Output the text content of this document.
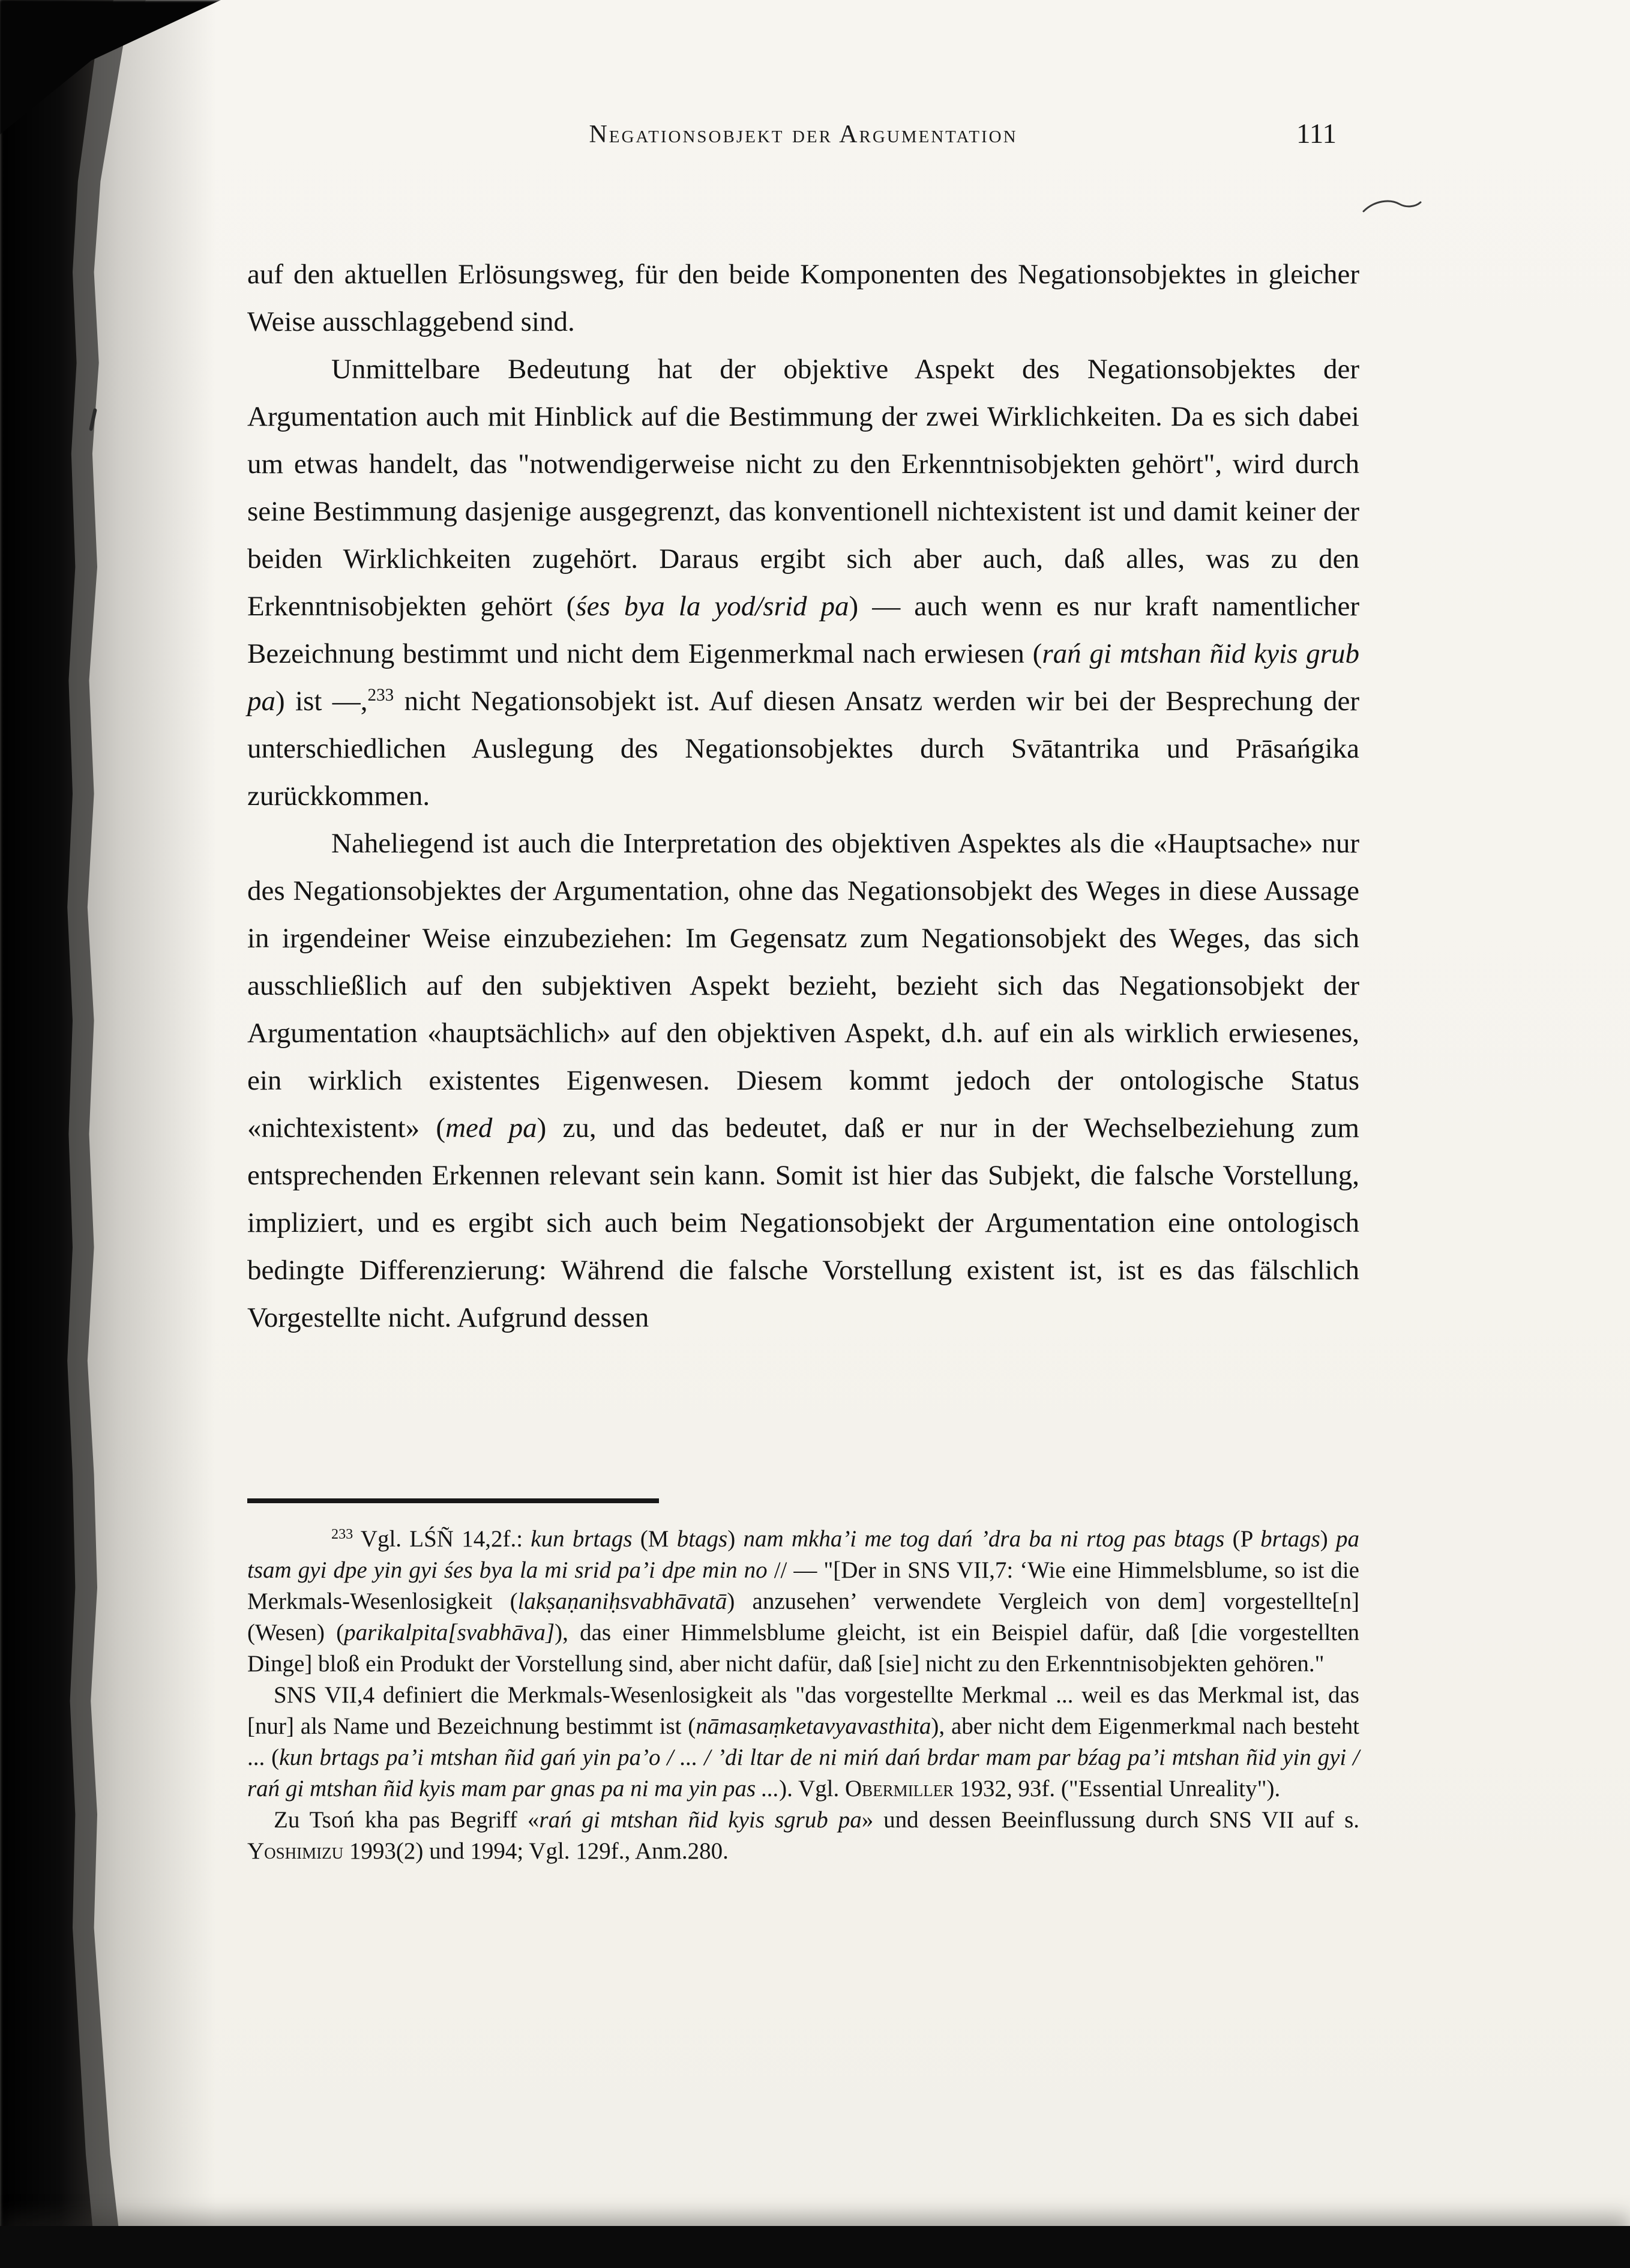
Negationsobjekt der Argumentation	111

auf den aktuellen Erlösungsweg, für den beide Komponenten des Negationsobjektes in gleicher Weise ausschlaggebend sind.

Unmittelbare Bedeutung hat der objektive Aspekt des Negationsobjektes der Argumentation auch mit Hinblick auf die Bestimmung der zwei Wirklichkeiten. Da es sich dabei um etwas handelt, das "notwendigerweise nicht zu den Erkenntnisobjekten gehört", wird durch seine Bestimmung dasjenige ausgegrenzt, das konventionell nichtexistent ist und damit keiner der beiden Wirklichkeiten zugehört. Daraus ergibt sich aber auch, daß alles, was zu den Erkenntnisobjekten gehört (śes bya la yod/srid pa) — auch wenn es nur kraft namentlicher Bezeichnung bestimmt und nicht dem Eigenmerkmal nach erwiesen (rań gi mtshan ñid kyis grub pa) ist —,$^{233}$ nicht Negationsobjekt ist. Auf diesen Ansatz werden wir bei der Besprechung der unterschiedlichen Auslegung des Negationsobjektes durch Svātantrika und Prāsańgika zurückkommen.

Naheliegend ist auch die Interpretation des objektiven Aspektes als die «Hauptsache» nur des Negationsobjektes der Argumentation, ohne das Negationsobjekt des Weges in diese Aussage in irgendeiner Weise einzubeziehen: Im Gegensatz zum Negationsobjekt des Weges, das sich ausschließlich auf den subjektiven Aspekt bezieht, bezieht sich das Negationsobjekt der Argumentation «hauptsächlich» auf den objektiven Aspekt, d.h. auf ein als wirklich erwiesenes, ein wirklich existentes Eigenwesen. Diesem kommt jedoch der ontologische Status «nichtexistent» (med pa) zu, und das bedeutet, daß er nur in der Wechselbeziehung zum entsprechenden Erkennen relevant sein kann. Somit ist hier das Subjekt, die falsche Vorstellung, impliziert, und es ergibt sich auch beim Negationsobjekt der Argumentation eine ontologisch bedingte Differenzierung: Während die falsche Vorstellung existent ist, ist es das fälschlich Vorgestellte nicht. Aufgrund dessen

$^{233}$ Vgl. LŚÑ 14,2f.: kun brtags (M btags) nam mkha’i me tog dań ’dra ba ni rtog pas btags (P brtags) pa tsam gyi dpe yin gyi śes bya la mi srid pa’i dpe min no // — "[Der in SNS VII,7: ‘Wie eine Himmelsblume, so ist die Merkmals-Wesenlosigkeit (lakṣaṇaniḥsvabhāvatā) anzusehen’ verwendete Vergleich von dem] vorgestellte[n] (Wesen) (parikalpita[svabhāva]), das einer Himmelsblume gleicht, ist ein Beispiel dafür, daß [die vorgestellten Dinge] bloß ein Produkt der Vorstellung sind, aber nicht dafür, daß [sie] nicht zu den Erkenntnisobjekten gehören."

SNS VII,4 definiert die Merkmals-Wesenlosigkeit als "das vorgestellte Merkmal ... weil es das Merkmal ist, das [nur] als Name und Bezeichnung bestimmt ist (nāmasaṃketavyavasthita), aber nicht dem Eigenmerkmal nach besteht ... (kun brtags pa’i mtshan ñid gań yin pa’o / ... / ’di ltar de ni miń dań brdar mam par bźag pa’i mtshan ñid yin gyi / rań gi mtshan ñid kyis mam par gnas pa ni ma yin pas ...). Vgl. Obermiller 1932, 93f. ("Essential Unreality").

Zu Tsoń kha pas Begriff «rań gi mtshan ñid kyis sgrub pa» und dessen Beeinflussung durch SNS VII auf s. Yoshimizu 1993(2) und 1994; Vgl. 129f., Anm.280.
